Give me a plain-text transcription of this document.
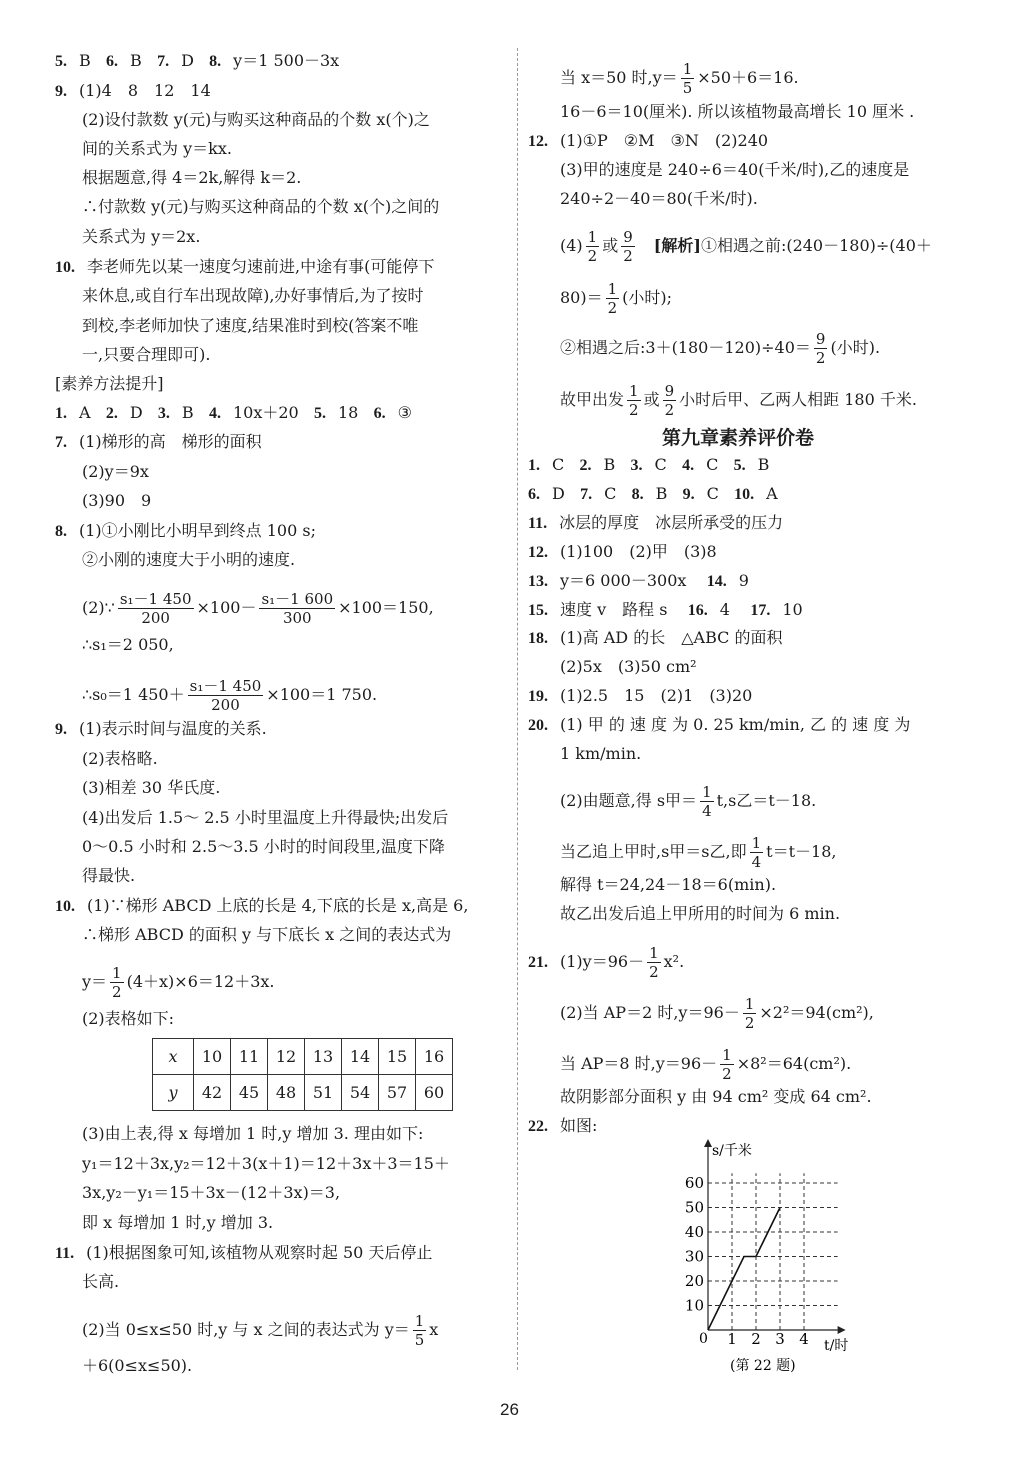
5. B 6. B 7. D 8. y＝1 500－3x
9. (1)4　8　12　14
(2)设付款数 y(元)与购买这种商品的个数 x(个)之
间的关系式为 y＝kx.
根据题意,得 4＝2k,解得 k＝2.
∴付款数 y(元)与购买这种商品的个数 x(个)之间的
关系式为 y＝2x.
10. 李老师先以某一速度匀速前进,中途有事(可能停下
来休息,或自行车出现故障),办好事情后,为了按时
到校,李老师加快了速度,结果准时到校(答案不唯
一,只要合理即可).
[素养方法提升]
1. A 2. D 3. B 4. 10x＋20 5. 18 6. ③
7. (1)梯形的高　梯形的面积
(2)y＝9x
(3)90　9
8. (1)①小刚比小明早到终点 100 s;
②小刚的速度大于小明的速度.
(2)∵ $\frac{\text{s₁－1 450}}{200} \times 100- \frac{\text{s₁－1 600}}{300} \times 100=150$,
∴s₁＝2 050,
∴s₀＝1 $450+ \frac{\text{s₁－1 450}}{200} \times 100=1$ 750.
9. (1)表示时间与温度的关系.
(2)表格略.
(3)相差 30 华氏度.
(4)出发后 1.5～ 2.5 小时里温度上升得最快;出发后
0～0.5 小时和 2.5～3.5 小时的时间段里,温度下降
得最快.
10. (1)∵梯形 ABCD 上底的长是 4,下底的长是 x,高是 6,
∴梯形 ABCD 的面积 y 与下底长 x 之间的表达式为
$y= \frac{1}{2} (4+x)\times 6=12+3x$.
(2)表格如下:
x	10	11	12	13	14	15	16
y	42	45	48	51	54	57	60
(3)由上表,得 x 每增加 1 时,y 增加 3. 理由如下:
y₁＝12＋3x,y₂＝12＋3(x＋1)＝12＋3x＋3＝15＋
3x,y₂－y₁＝15＋3x－(12＋3x)＝3,
即 x 每增加 1 时,y 增加 3.
11. (1)根据图象可知,该植物从观察时起 50 天后停止
长高.
(2)当 0≤x≤50 时,y 与 x 之间的表达式为 $y= \frac{1}{5}$ x
＋6(0≤x≤50).
当 x＝50 时$,y= \frac{1}{5} \times 50+6=16$.
16－6＝10(厘米). 所以该植物最高增长 10 厘米 .
12. (1)①P　②M　③N　(2)240
(3)甲的速度是 240÷6＝40(千米/时),乙的速度是
240÷2－40＝80(千米/时).
$(4) \frac{1}{2}$ 或 $\frac{9}{2}$ 　[解析]①相遇之前:(240－180)÷(40＋
$80)= \frac{1}{2}$ (小时);
②相遇之后:3＋(180－120)÷40＝ $\frac{9}{2}$ (小时).
故甲出发 $\frac{1}{2}$ 或 $\frac{9}{2}$ 小时后甲、乙两人相距 180 千米.
第九章素养评价卷
1. C 2. B 3. C 4. C 5. B
6. D 7. C 8. B 9. C 10. A
11. 冰层的厚度　冰层所承受的压力
12. (1)100　(2)甲　(3)8
13. y＝6 000－300x 14. 9
15. 速度 v　路程 s 16. 4 17. 10
18. (1)高 AD 的长　△ABC 的面积
(2)5x　(3)50 cm²
19. (1)2.5　15　(2)1　(3)20
20. (1) 甲 的 速 度 为 0. 25 km/min, 乙 的 速 度 为
1 km/min.
(2)由题意,得 s甲＝ $\frac{1}{4} t,s$乙＝t－18.
当乙追上甲时,s甲＝s乙,即 $\frac{1}{4} t=t-18$,
解得 t＝24,24－18＝6(min).
故乙出发后追上甲所用的时间为 6 min.
21. $(1)y=96- \frac{1}{2} x^2$.
(2)当 AP＝2 时$,y=96- \frac{1}{2} \times 2^2=94(cm^2)$,
当 AP＝8 时$,y=96- \frac{1}{2} \times 8^2=64(cm^2)$.
故阴影部分面积 y 由 94 cm² 变成 64 cm².
22. 如图:
10
20
30
40
50
60
1 2 3 4
s/千米
t/时
0
(第 22 题)
26
